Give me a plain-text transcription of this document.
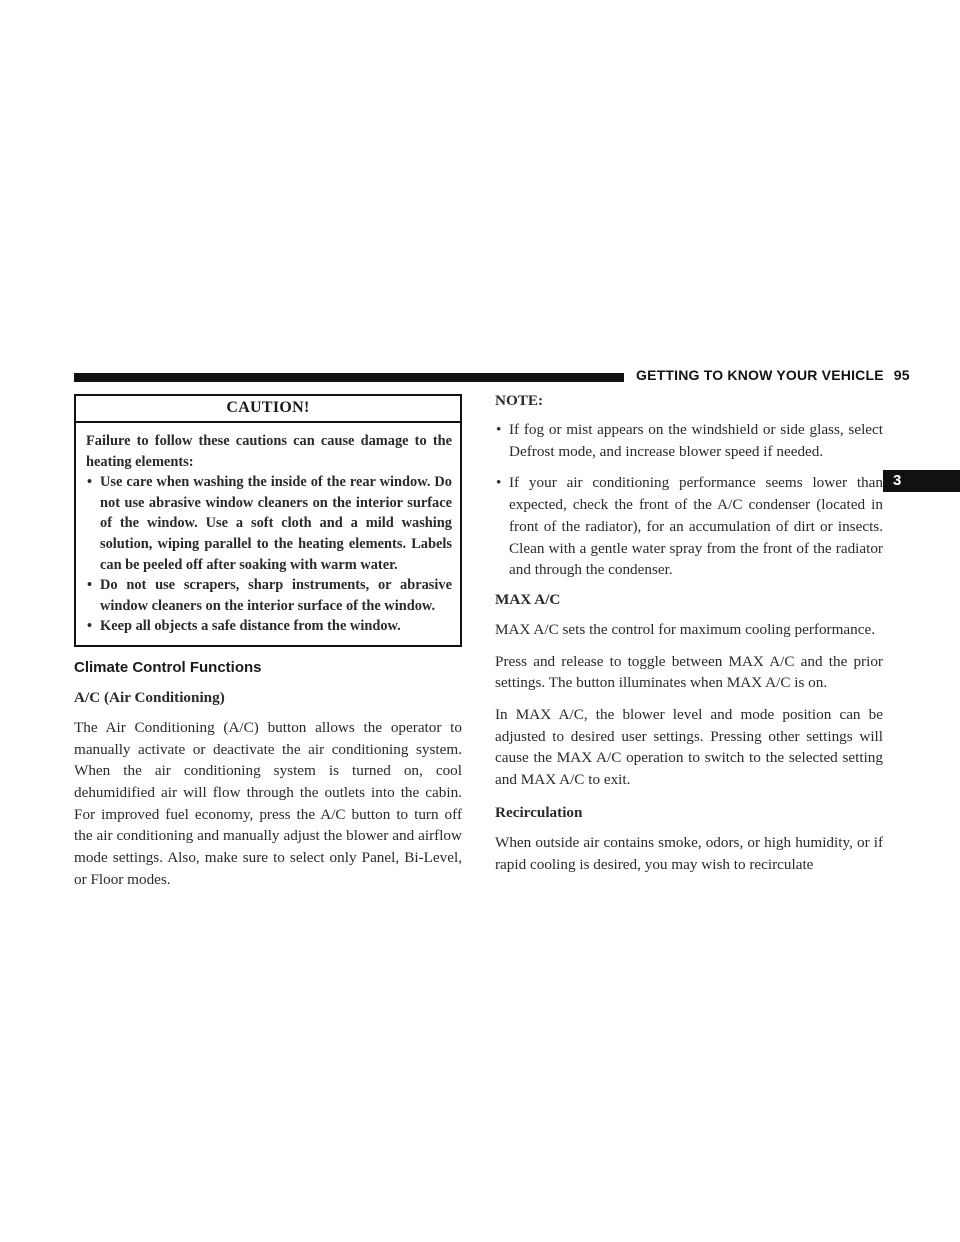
GETTING TO KNOW YOUR VEHICLE 95
3
CAUTION!

Failure to follow these cautions can cause damage to the heating elements:

• Use care when washing the inside of the rear window. Do not use abrasive window cleaners on the interior surface of the window. Use a soft cloth and a mild washing solution, wiping parallel to the heating elements. Labels can be peeled off after soaking with warm water.
• Do not use scrapers, sharp instruments, or abrasive window cleaners on the interior surface of the window.
• Keep all objects a safe distance from the window.
Climate Control Functions
A/C (Air Conditioning)

The Air Conditioning (A/C) button allows the operator to manually activate or deactivate the air conditioning system. When the air conditioning system is turned on, cool dehumidified air will flow through the outlets into the cabin. For improved fuel economy, press the A/C button to turn off the air conditioning and manually adjust the blower and airflow mode settings. Also, make sure to select only Panel, Bi-Level, or Floor modes.

NOTE:
• If fog or mist appears on the windshield or side glass, select Defrost mode, and increase blower speed if needed.
• If your air conditioning performance seems lower than expected, check the front of the A/C condenser (located in front of the radiator), for an accumulation of dirt or insects. Clean with a gentle water spray from the front of the radiator and through the condenser.
MAX A/C

MAX A/C sets the control for maximum cooling performance.

Press and release to toggle between MAX A/C and the prior settings. The button illuminates when MAX A/C is on.

In MAX A/C, the blower level and mode position can be adjusted to desired user settings. Pressing other settings will cause the MAX A/C operation to switch to the selected setting and MAX A/C to exit.

Recirculation

When outside air contains smoke, odors, or high humidity, or if rapid cooling is desired, you may wish to recirculate
